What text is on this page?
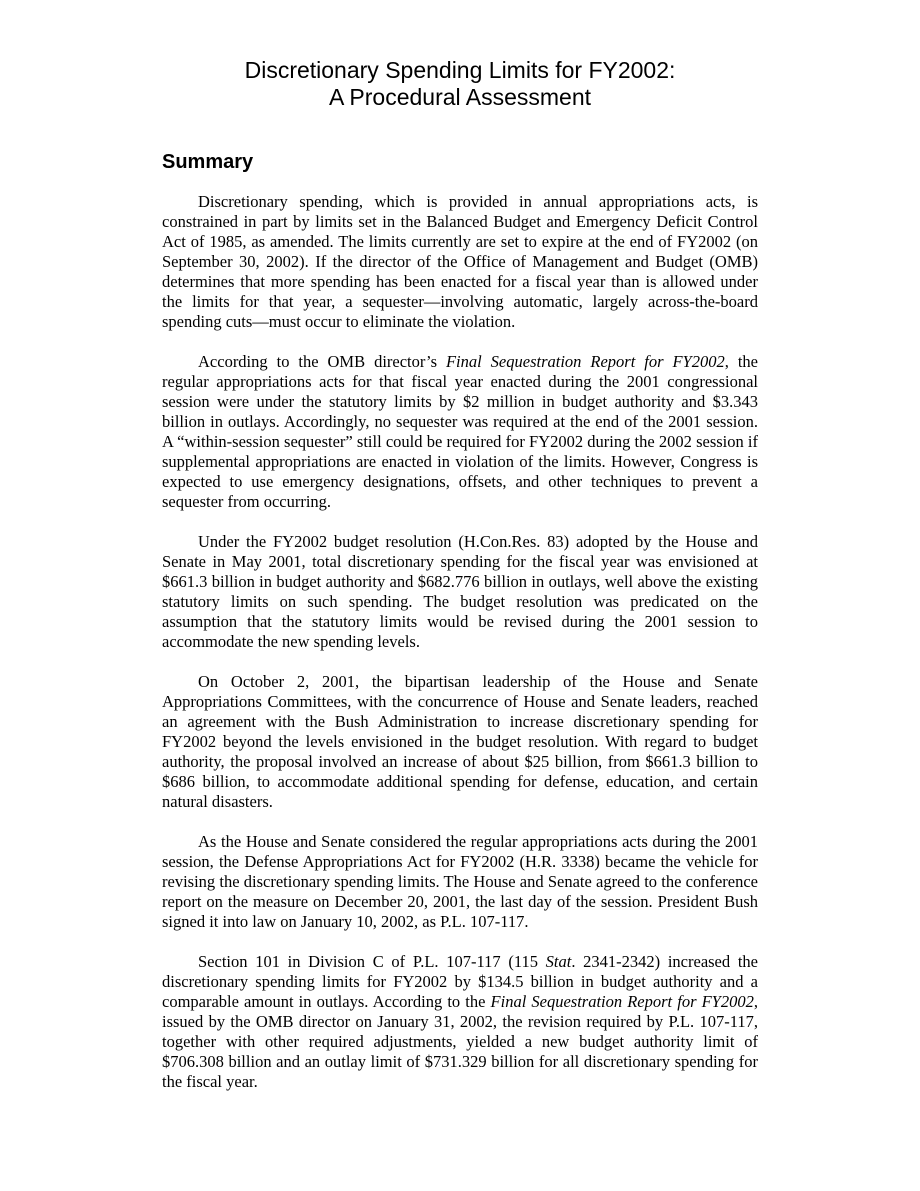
Discretionary Spending Limits for FY2002:
A Procedural Assessment
Summary

Discretionary spending, which is provided in annual appropriations acts, is constrained in part by limits set in the Balanced Budget and Emergency Deficit Control Act of 1985, as amended. The limits currently are set to expire at the end of FY2002 (on September 30, 2002). If the director of the Office of Management and Budget (OMB) determines that more spending has been enacted for a fiscal year than is allowed under the limits for that year, a sequester—involving automatic, largely across-the-board spending cuts—must occur to eliminate the violation.

According to the OMB director’s Final Sequestration Report for FY2002, the regular appropriations acts for that fiscal year enacted during the 2001 congressional session were under the statutory limits by $2 million in budget authority and $3.343 billion in outlays. Accordingly, no sequester was required at the end of the 2001 session. A “within-session sequester” still could be required for FY2002 during the 2002 session if supplemental appropriations are enacted in violation of the limits. However, Congress is expected to use emergency designations, offsets, and other techniques to prevent a sequester from occurring.

Under the FY2002 budget resolution (H.Con.Res. 83) adopted by the House and Senate in May 2001, total discretionary spending for the fiscal year was envisioned at $661.3 billion in budget authority and $682.776 billion in outlays, well above the existing statutory limits on such spending. The budget resolution was predicated on the assumption that the statutory limits would be revised during the 2001 session to accommodate the new spending levels.

On October 2, 2001, the bipartisan leadership of the House and Senate Appropriations Committees, with the concurrence of House and Senate leaders, reached an agreement with the Bush Administration to increase discretionary spending for FY2002 beyond the levels envisioned in the budget resolution. With regard to budget authority, the proposal involved an increase of about $25 billion, from $661.3 billion to $686 billion, to accommodate additional spending for defense, education, and certain natural disasters.

As the House and Senate considered the regular appropriations acts during the 2001 session, the Defense Appropriations Act for FY2002 (H.R. 3338) became the vehicle for revising the discretionary spending limits. The House and Senate agreed to the conference report on the measure on December 20, 2001, the last day of the session. President Bush signed it into law on January 10, 2002, as P.L. 107-117.

Section 101 in Division C of P.L. 107-117 (115 Stat. 2341-2342) increased the discretionary spending limits for FY2002 by $134.5 billion in budget authority and a comparable amount in outlays. According to the Final Sequestration Report for FY2002, issued by the OMB director on January 31, 2002, the revision required by P.L. 107-117, together with other required adjustments, yielded a new budget authority limit of $706.308 billion and an outlay limit of $731.329 billion for all discretionary spending for the fiscal year.
